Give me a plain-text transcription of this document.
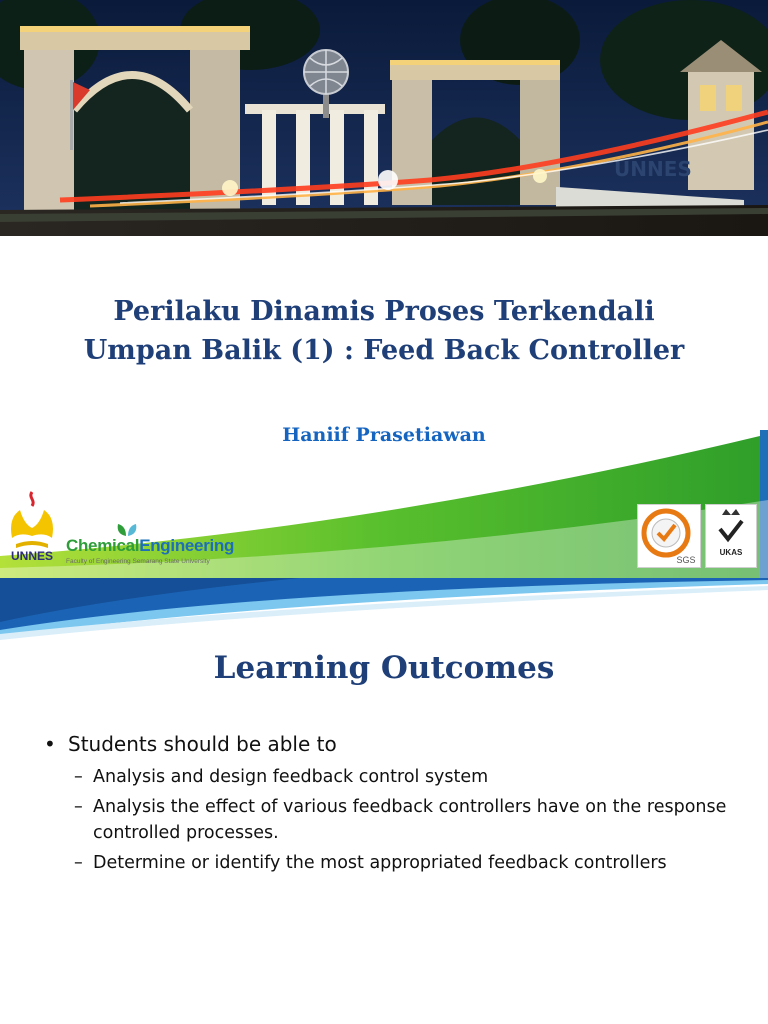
UNNES
Perilaku Dinamis Proses Terkendali
Umpan Balik (1) : Feed Back Controller

Haniif Prasetiawan

UNNES
ChemicalEngineering
Faculty of Engineering Semarang State University	SGS
UKAS
Learning Outcomes
• Students should be able to
– Analysis and design feedback control system
– Analysis the effect of various feedback controllers have on the response controlled processes.
– Determine or identify the most appropriated feedback controllers
